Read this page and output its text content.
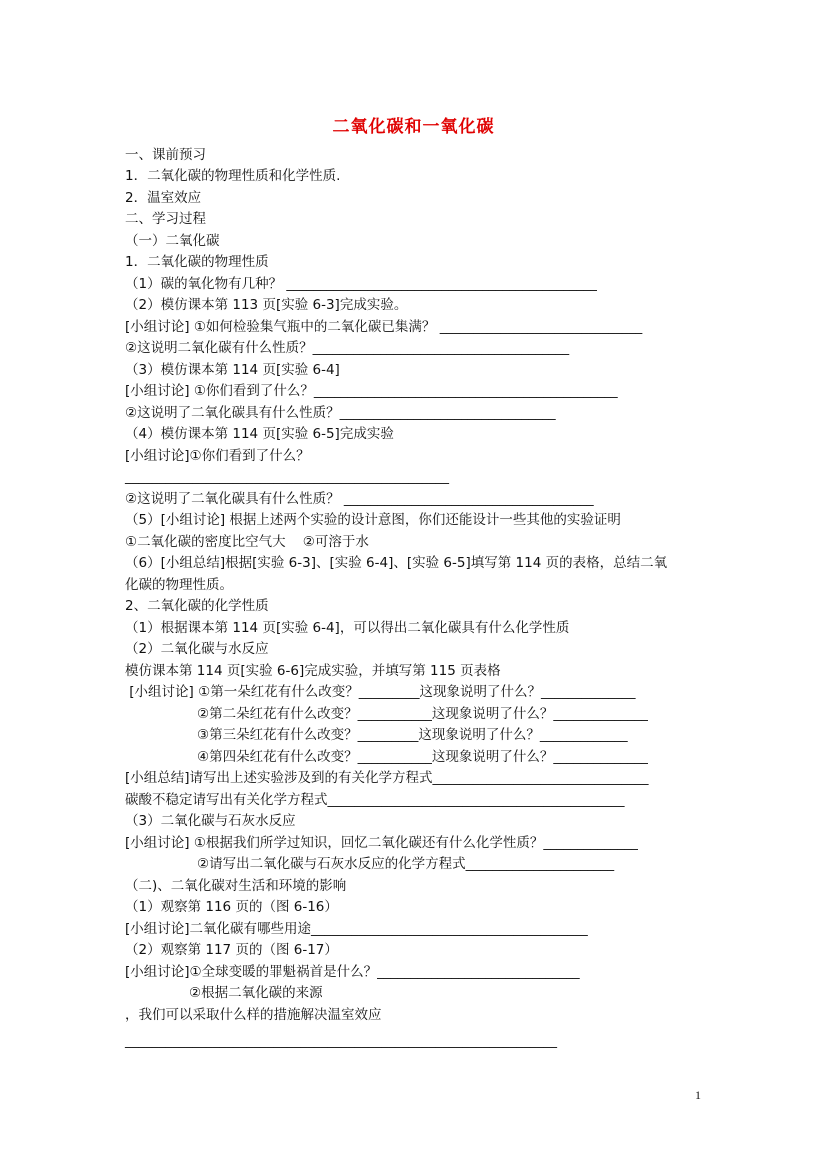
二氧化碳和一氧化碳
一、课前预习
1．二氧化碳的物理性质和化学性质.
2．温室效应
二、学习过程
（一）二氧化碳
1．二氧化碳的物理性质
（1）碳的氧化物有几种？ ______________________________________________
（2）模仿课本第 113 页[实验 6-3]完成实验。
[小组讨论] ①如何检验集气瓶中的二氧化碳已集满？ ______________________________
②这说明二氧化碳有什么性质？______________________________________
（3）模仿课本第 114 页[实验 6-4]
[小组讨论] ①你们看到了什么？_____________________________________________
②这说明了二氧化碳具有什么性质？________________________________
（4）模仿课本第 114 页[实验 6-5]完成实验
[小组讨论]①你们看到了什么？
________________________________________________
②这说明了二氧化碳具有什么性质？ _____________________________________
（5）[小组讨论] 根据上述两个实验的设计意图，你们还能设计一些其他的实验证明
①二氧化碳的密度比空气大    ②可溶于水
（6）[小组总结]根据[实验 6-3]、[实验 6-4]、[实验 6-5]填写第 114 页的表格，总结二氧
化碳的物理性质。
2、二氧化碳的化学性质
（1）根据课本第 114 页[实验 6-4]，可以得出二氧化碳具有什么化学性质
（2）二氧化碳与水反应
模仿课本第 114 页[实验 6-6]完成实验，并填写第 115 页表格
[小组讨论] ①第一朵红花有什么改变？_________这现象说明了什么？______________
②第二朵红花有什么改变？___________这现象说明了什么？______________
③第三朵红花有什么改变？_________这现象说明了什么？_____________
④第四朵红花有什么改变？___________这现象说明了什么？______________
[小组总结]请写出上述实验涉及到的有关化学方程式________________________________
碳酸不稳定请写出有关化学方程式____________________________________________
（3）二氧化碳与石灰水反应
[小组讨论] ①根据我们所学过知识，回忆二氧化碳还有什么化学性质？______________
②请写出二氧化碳与石灰水反应的化学方程式______________________
（二)、二氧化碳对生活和环境的影响
（1）观察第 116 页的（图 6-16）
[小组讨论]二氧化碳有哪些用途_________________________________________
（2）观察第 117 页的（图 6-17）
[小组讨论]①全球变暖的罪魁祸首是什么？______________________________
②根据二氧化碳的来源
，我们可以采取什么样的措施解决温室效应
________________________________________________________________
1
